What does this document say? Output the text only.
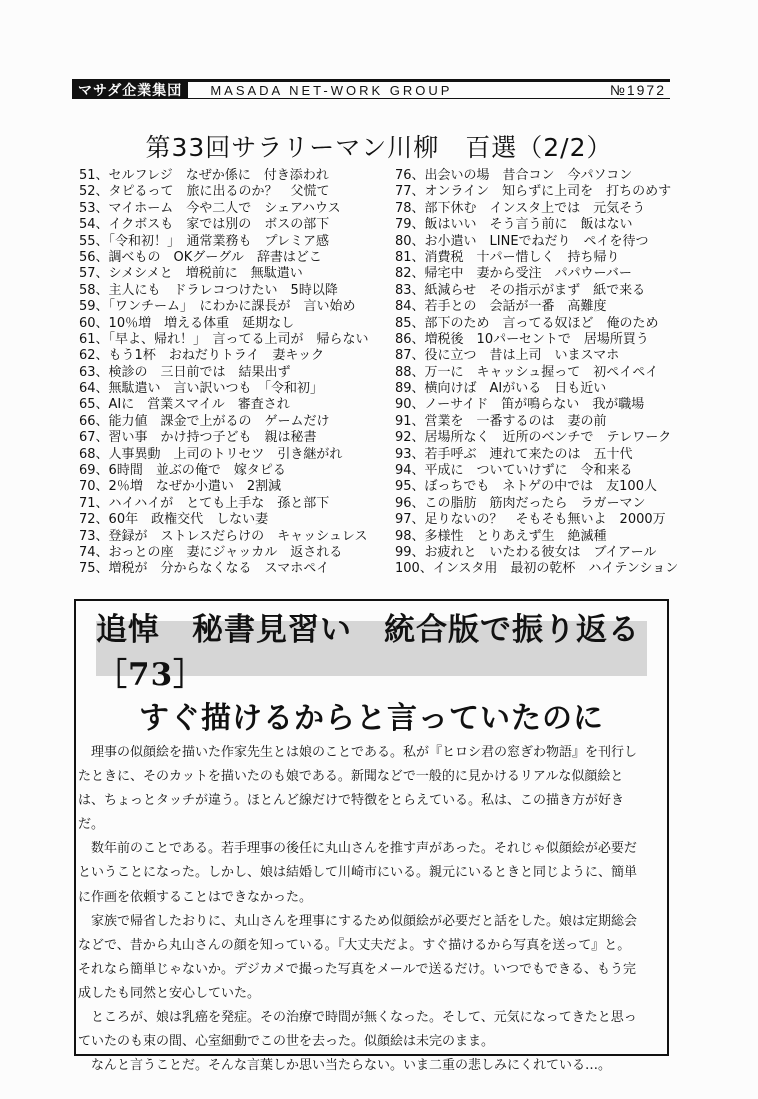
マサダ企業集団	MASADA NET-WORK GROUP	№1972
第33回サラリーマン川柳　百選（2/2）
51、セルフレジ　なぜか係に　付き添われ
52、タピるって　旅に出るのか？　父慌て
53、マイホーム　今や二人で　シェアハウス
54、イクボスも　家では別の　ボスの部下
55、「令和初！」　通常業務も　プレミア感
56、調べもの　OKグーグル　辞書はどこ
57、シメシメと　増税前に　無駄遣い
58、主人にも　ドラレコつけたい　5時以降
59、「ワンチーム」　にわかに課長が　言い始め
60、10％増　増える体重　延期なし
61、「早よ、帰れ！」　言ってる上司が　帰らない
62、もう1杯　おねだりトライ　妻キック
63、検診の　三日前では　結果出ず
64、無駄遣い　言い訳いつも　「令和初」
65、AIに　営業スマイル　審査され
66、能力値　課金で上がるの　ゲームだけ
67、習い事　かけ持つ子ども　親は秘書
68、人事異動　上司のトリセツ　引き継がれ
69、6時間　並ぶの俺で　嫁タピる
70、2％増　なぜか小遣い　2割減
71、ハイハイが　とても上手な　孫と部下
72、60年　政権交代　しない妻
73、登録が　ストレスだらけの　キャッシュレス
74、おっとの座　妻にジャッカル　返される
75、増税が　分からなくなる　スマホペイ
76、出会いの場　昔合コン　今パソコン
77、オンライン　知らずに上司を　打ちのめす
78、部下休む　インスタ上では　元気そう
79、飯はいい　そう言う前に　飯はない
80、お小遣い　LINEでねだり　ペイを待つ
81、消費税　十パー惜しく　持ち帰り
82、帰宅中　妻から受注　パパウーバー
83、紙減らせ　その指示がまず　紙で来る
84、若手との　会話が一番　高難度
85、部下のため　言ってる奴ほど　俺のため
86、増税後　10パーセントで　居場所買う
87、役に立つ　昔は上司　いまスマホ
88、万一に　キャッシュ握って　初ペイペイ
89、横向けば　AIがいる　日も近い
90、ノーサイド　笛が鳴らない　我が職場
91、営業を　一番するのは　妻の前
92、居場所なく　近所のベンチで　テレワーク
93、若手呼ぶ　連れて来たのは　五十代
94、平成に　ついていけずに　令和来る
95、ぼっちでも　ネトゲの中では　友100人
96、この脂肪　筋肉だったら　ラガーマン
97、足りないの？　そもそも無いよ　2000万
98、多様性　とりあえず生　絶滅種
99、お疲れと　いたわる彼女は　ブイアール
100、インスタ用　最初の乾杯　ハイテンション
追悼　秘書見習い　統合版で振り返る［73］
すぐ描けるからと言っていたのに

理事の似顔絵を描いた作家先生とは娘のことである。私が『ヒロシ君の窓ぎわ物語』を刊行したときに、そのカットを描いたのも娘である。新聞などで一般的に見かけるリアルな似顔絵とは、ちょっとタッチが違う。ほとんど線だけで特徴をとらえている。私は、この描き方が好きだ。

数年前のことである。若手理事の後任に丸山さんを推す声があった。それじゃ似顔絵が必要だということになった。しかし、娘は結婚して川崎市にいる。親元にいるときと同じように、簡単に作画を依頼することはできなかった。

家族で帰省したおりに、丸山さんを理事にするため似顔絵が必要だと話をした。娘は定期総会などで、昔から丸山さんの顔を知っている。『大丈夫だよ。すぐ描けるから写真を送って』と。それなら簡単じゃないか。デジカメで撮った写真をメールで送るだけ。いつでもできる、もう完成したも同然と安心していた。

ところが、娘は乳癌を発症。その治療で時間が無くなった。そして、元気になってきたと思っていたのも束の間、心室細動でこの世を去った。似顔絵は未完のまま。

なんと言うことだ。そんな言葉しか思い当たらない。いま二重の悲しみにくれている…。
